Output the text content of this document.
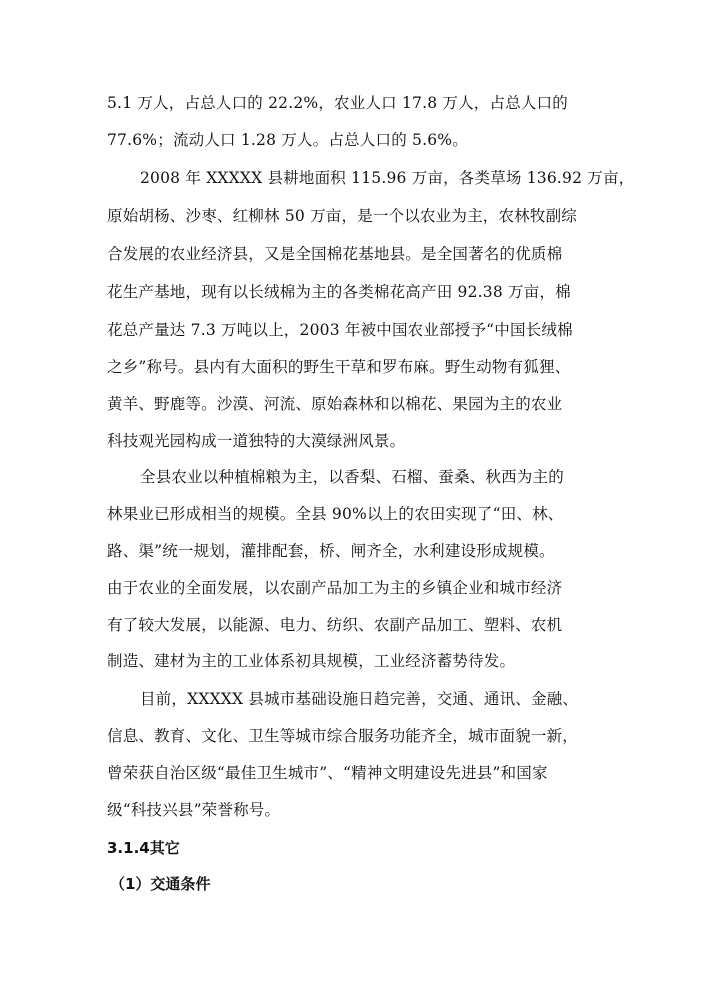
5.1 万人，占总人口的 22.2%，农业人口 17.8 万人，占总人口的
77.6%；流动人口 1.28 万人。占总人口的 5.6%。
2008 年 XXXXX 县耕地面积 115.96 万亩，各类草场 136.92 万亩，
原始胡杨、沙枣、红柳林 50 万亩，是一个以农业为主，农林牧副综
合发展的农业经济县，又是全国棉花基地县。是全国著名的优质棉
花生产基地，现有以长绒棉为主的各类棉花高产田 92.38 万亩，棉
花总产量达 7.3 万吨以上，2003 年被中国农业部授予“中国长绒棉
之乡”称号。县内有大面积的野生干草和罗布麻。野生动物有狐狸、
黄羊、野鹿等。沙漠、河流、原始森林和以棉花、果园为主的农业
科技观光园构成一道独特的大漠绿洲风景。
全县农业以种植棉粮为主，以香梨、石榴、蚕桑、秋西为主的
林果业已形成相当的规模。全县 90%以上的农田实现了“田、林、
路、渠”统一规划，灌排配套，桥、闸齐全，水利建设形成规模。
由于农业的全面发展，以农副产品加工为主的乡镇企业和城市经济
有了较大发展，以能源、电力、纺织、农副产品加工、塑料、农机
制造、建材为主的工业体系初具规模，工业经济蓄势待发。
目前，XXXXX 县城市基础设施日趋完善，交通、通讯、金融、
信息、教育、文化、卫生等城市综合服务功能齐全，城市面貌一新，
曾荣获自治区级“最佳卫生城市”、“精神文明建设先进县”和国家
级“科技兴县”荣誉称号。
3.1.4其它
（1）交通条件
